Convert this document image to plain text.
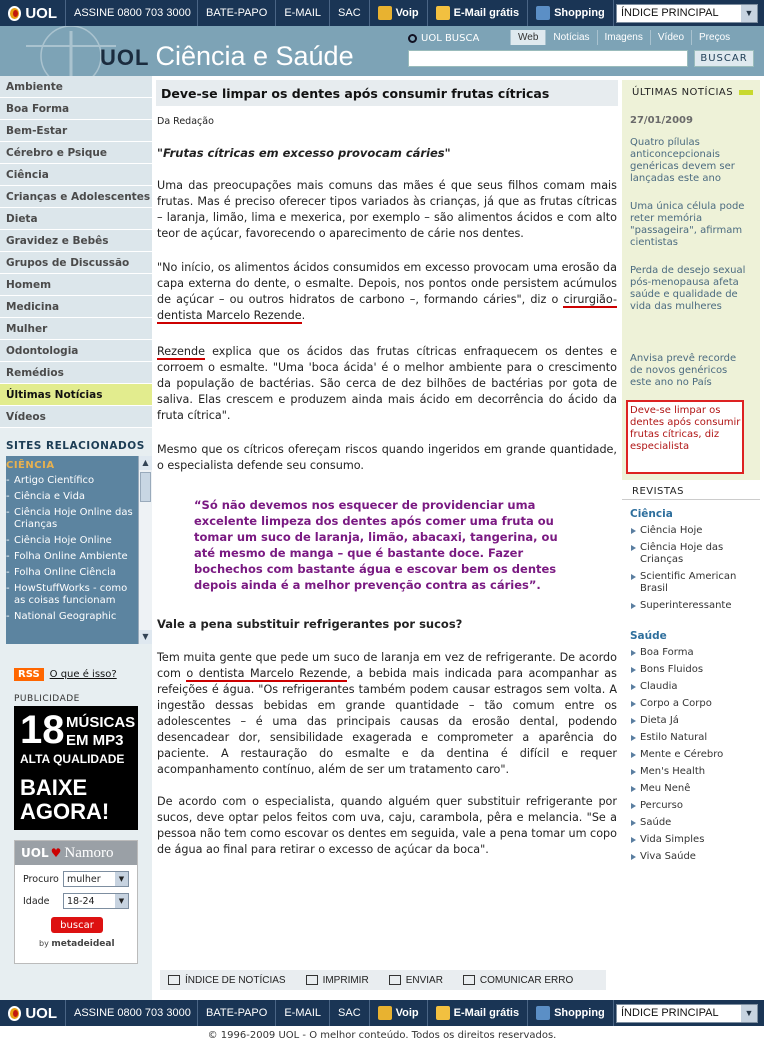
UOL	ASSINE 0800 703 3000	BATE-PAPO	E-MAIL	SAC	Voip	E-Mail grátis	Shopping ÍNDICE PRINCIPAL	▼
UOL Ciência e Saúde
UOL BUSCA	Web	Notícias	Imagens	Vídeo	Preços
BUSCAR
Ambiente
Boa Forma
Bem-Estar
Cérebro e Psique
Ciência
Crianças e Adolescentes
Dieta
Gravidez e Bebês
Grupos de Discussão
Homem
Medicina
Mulher
Odontologia
Remédios
Últimas Notícias
Vídeos
SITES RELACIONADOS
CIÊNCIA
- Artigo Científico
- Ciência e Vida
- Ciência Hoje Online das Crianças
- Ciência Hoje Online
- Folha Online Ambiente
- Folha Online Ciência
- HowStuffWorks - como as coisas funcionam
- National Geographic
▲
▼
RSS	O que é isso?
PUBLICIDADE
18 MÚSICAS
EM MP3
ALTA QUALIDADE
BAIXE
AGORA!
UOL ♥ Namoro
Procuro mulher	▼
Idade	18-24	▼
buscar
by metadeideal
Deve-se limpar os dentes após consumir frutas cítricas
Da Redação
"Frutas cítricas em excesso provocam cáries"
Uma das preocupações mais comuns das mães é que seus filhos comam mais frutas. Mas é preciso oferecer tipos variados às crianças, já que as frutas cítricas – laranja, limão, lima e mexerica, por exemplo – são alimentos ácidos e com alto teor de açúcar, favorecendo o aparecimento de cárie nos dentes.
"No início, os alimentos ácidos consumidos em excesso provocam uma erosão da capa externa do dente, o esmalte. Depois, nos pontos onde persistem acúmulos de açúcar – ou outros hidratos de carbono –, formando cáries", diz o cirurgião-dentista Marcelo Rezende.
Rezende explica que os ácidos das frutas cítricas enfraquecem os dentes e corroem o esmalte. "Uma 'boca ácida' é o melhor ambiente para o crescimento da população de bactérias. São cerca de dez bilhões de bactérias por gota de saliva. Elas crescem e produzem ainda mais ácido em decorrência do ácido da fruta cítrica".
Mesmo que os cítricos ofereçam riscos quando ingeridos em grande quantidade, o especialista defende seu consumo.
“Só não devemos nos esquecer de providenciar uma excelente limpeza dos dentes após comer uma fruta ou tomar um suco de laranja, limão, abacaxi, tangerina, ou até mesmo de manga – que é bastante doce. Fazer bochechos com bastante água e escovar bem os dentes depois ainda é a melhor prevenção contra as cáries”.
Vale a pena substituir refrigerantes por sucos?
Tem muita gente que pede um suco de laranja em vez de refrigerante. De acordo com o dentista Marcelo Rezende, a bebida mais indicada para acompanhar as refeições é água. "Os refrigerantes também podem causar estragos sem volta. A ingestão dessas bebidas em grande quantidade – tão comum entre os adolescentes – é uma das principais causas da erosão dental, podendo desencadear dor, sensibilidade exagerada e comprometer a aparência do paciente. A restauração do esmalte e da dentina é difícil e requer acompanhamento contínuo, além de ser um tratamento caro".
De acordo com o especialista, quando alguém quer substituir refrigerante por sucos, deve optar pelos feitos com uva, caju, carambola, pêra e melancia. "Se a pessoa não tem como escovar os dentes em seguida, vale a pena tomar um copo de água ao final para retirar o excesso de açúcar da boca".
ÍNDICE DE NOTÍCIAS	IMPRIMIR	ENVIAR	COMUNICAR ERRO
ÚLTIMAS NOTÍCIAS
27/01/2009
Quatro pílulas anticoncepcionais genéricas devem ser lançadas este ano
Uma única célula pode reter memória "passageira", afirmam cientistas
Perda de desejo sexual pós-menopausa afeta saúde e qualidade de vida das mulheres
Anvisa prevê recorde de novos genéricos este ano no País
Deve-se limpar os dentes após consumir frutas cítricas, diz especialista
REVISTAS
Ciência
Ciência Hoje
Ciência Hoje das Crianças
Scientific American Brasil
Superinteressante
Saúde
Boa Forma
Bons Fluidos
Claudia
Corpo a Corpo
Dieta Já
Estilo Natural
Mente e Cérebro
Men's Health
Meu Nenê
Percurso
Saúde
Vida Simples
Viva Saúde
UOL	ASSINE 0800 703 3000	BATE-PAPO	E-MAIL	SAC	Voip	E-Mail grátis	Shopping ÍNDICE PRINCIPAL	▼
© 1996-2009 UOL - O melhor conteúdo. Todos os direitos reservados.
